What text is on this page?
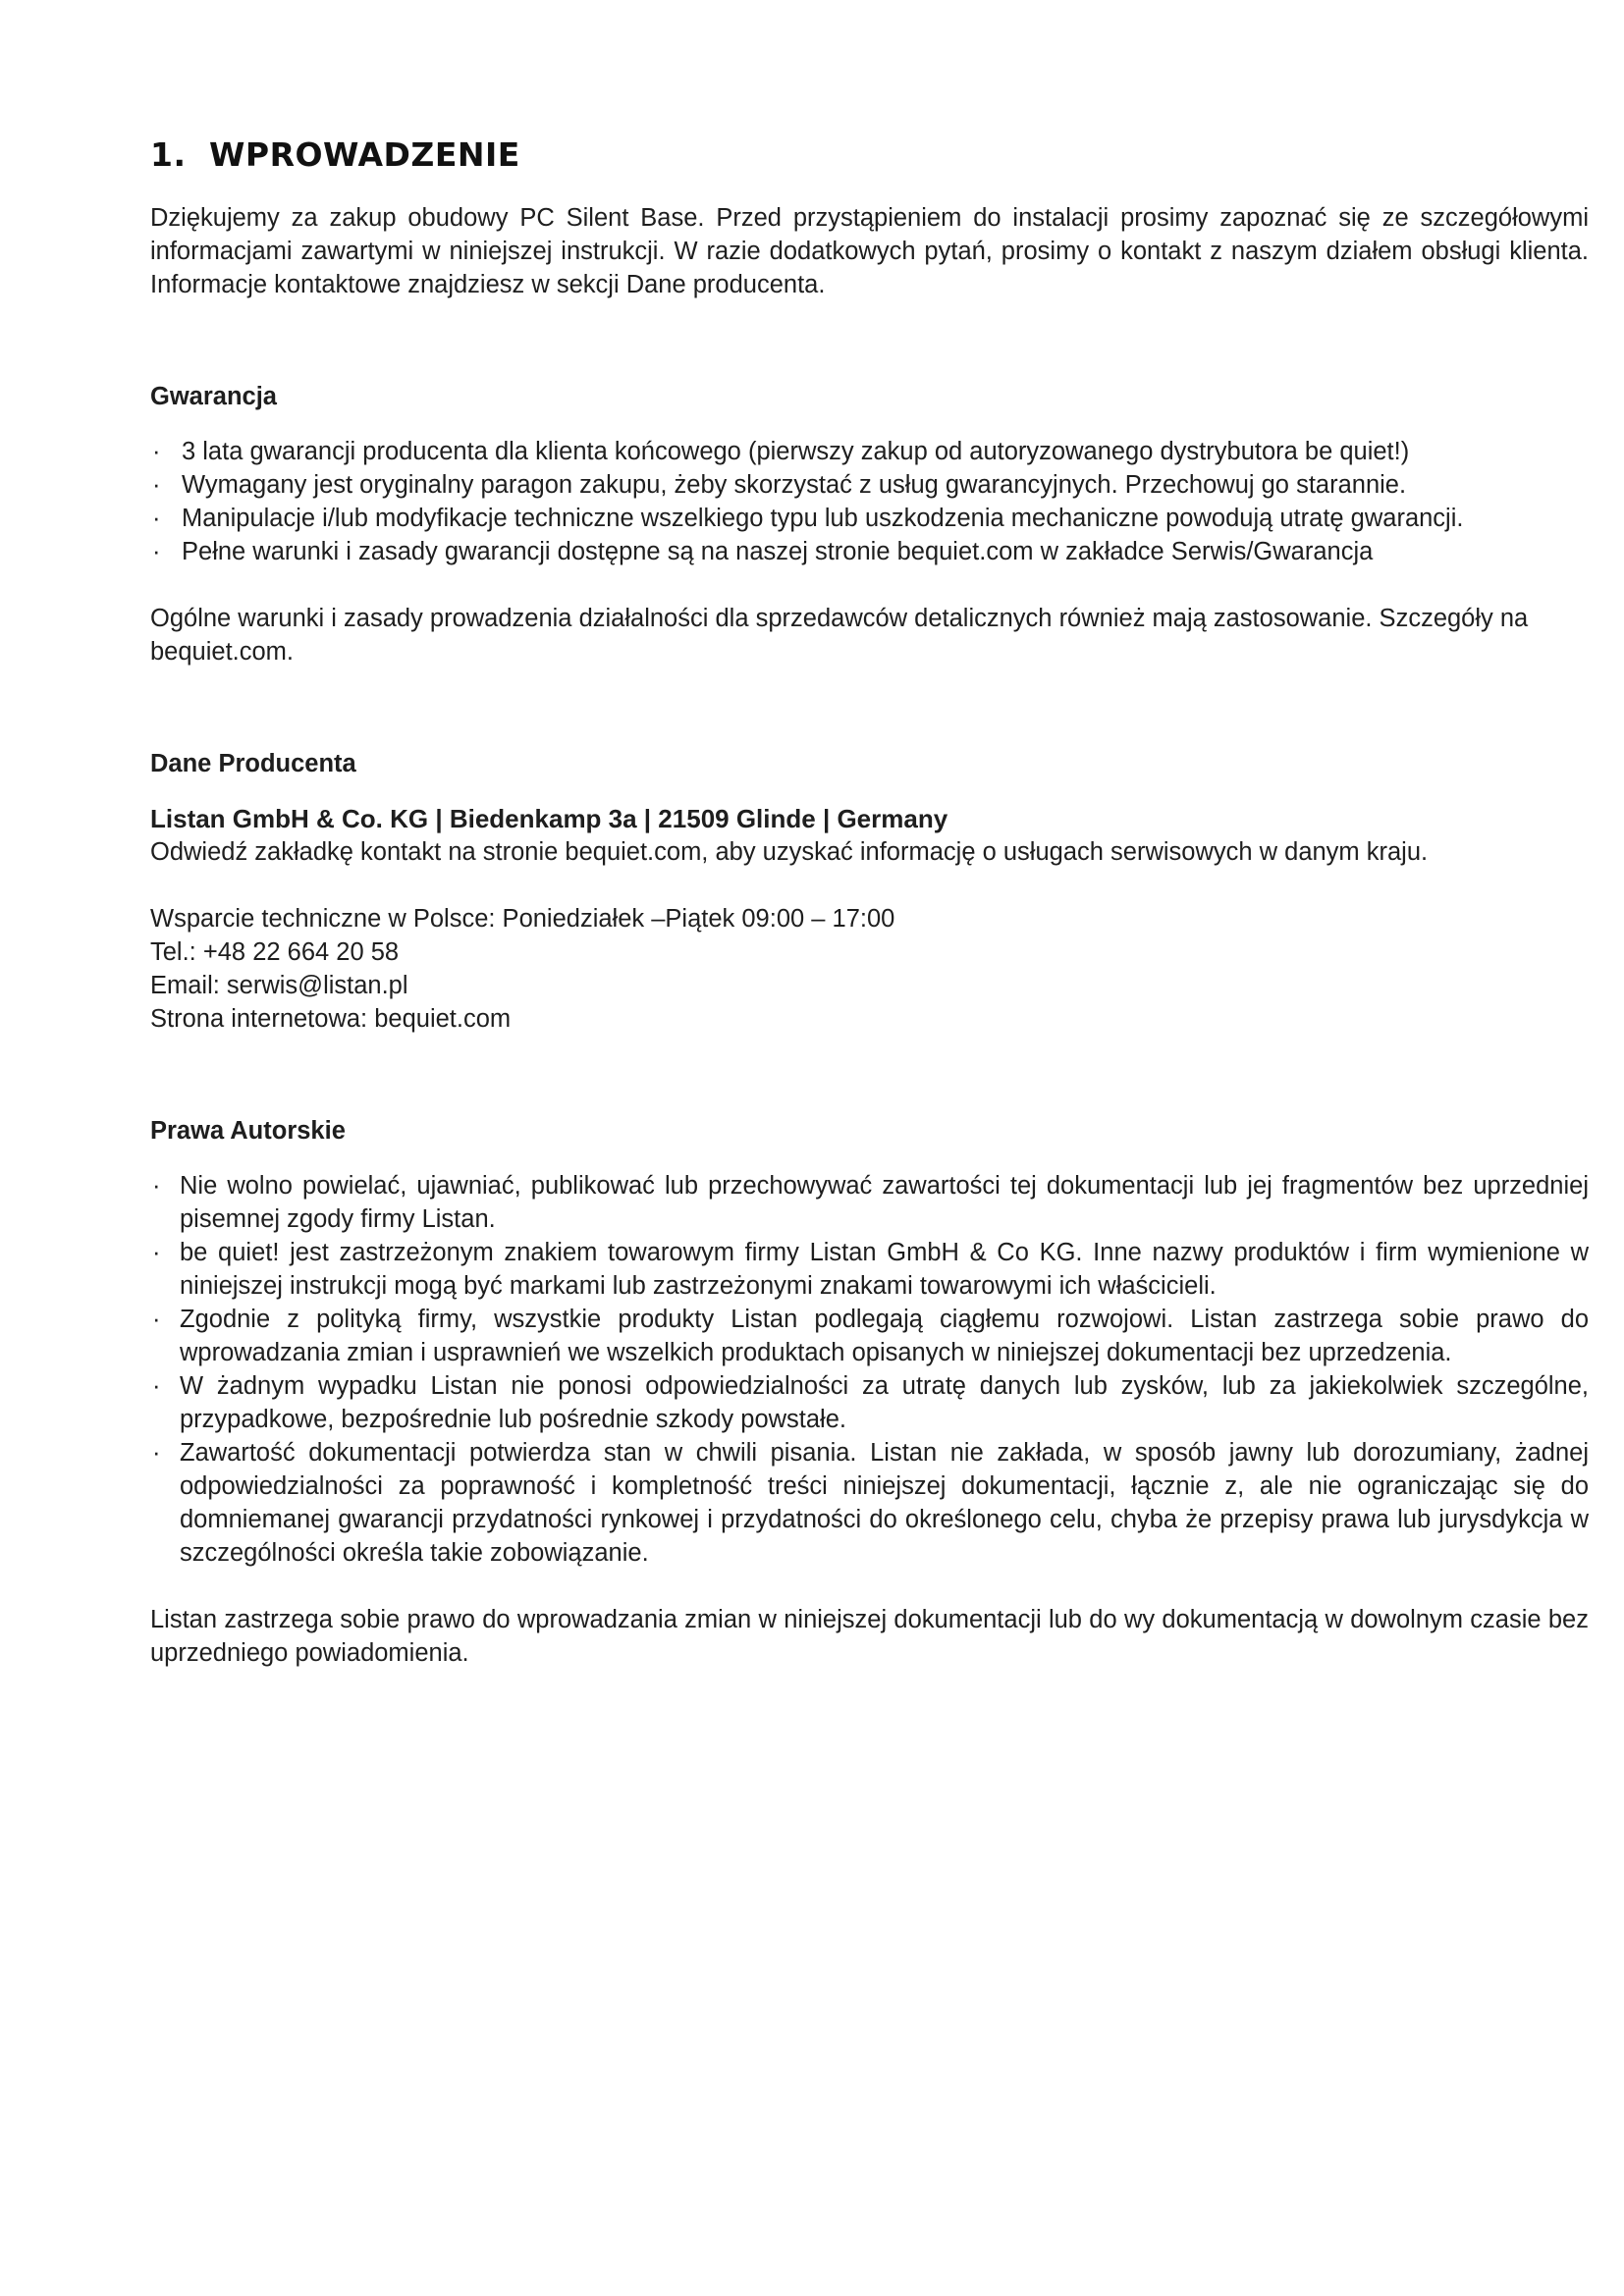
1. WPROWADZENIE

Dziękujemy za zakup obudowy PC Silent Base. Przed przystąpieniem do instalacji prosimy zapoznać się ze szczegółowymi informacjami zawartymi w niniejszej instrukcji. W razie dodatkowych pytań, prosimy o kontakt z naszym działem obsługi klienta. Informacje kontaktowe znajdziesz w sekcji Dane producenta.

Gwarancja
· 3 lata gwarancji producenta dla klienta końcowego (pierwszy zakup od autoryzowanego dystrybutora be quiet!)
· Wymagany jest oryginalny paragon zakupu, żeby skorzystać z usług gwarancyjnych. Przechowuj go starannie.
· Manipulacje i/lub modyfikacje techniczne wszelkiego typu lub uszkodzenia mechaniczne powodują utratę gwarancji.
· Pełne warunki i zasady gwarancji dostępne są na naszej stronie bequiet.com w zakładce Serwis/Gwarancja

Ogólne warunki i zasady prowadzenia działalności dla sprzedawców detalicznych również mają zastosowanie. Szczegóły na bequiet.com.

Dane Producenta

Listan GmbH & Co. KG | Biedenkamp 3a | 21509 Glinde | Germany

Odwiedź zakładkę kontakt na stronie bequiet.com, aby uzyskać informację o usługach serwisowych w danym kraju.

Wsparcie techniczne w Polsce: Poniedziałek –Piątek 09:00 – 17:00

Tel.: +48 22 664 20 58

Email: serwis@listan.pl

Strona internetowa: bequiet.com

Prawa Autorskie
· Nie wolno powielać, ujawniać, publikować lub przechowywać zawartości tej dokumentacji lub jej fragmentów bez uprzedniej pisemnej zgody firmy Listan.
· be quiet! jest zastrzeżonym znakiem towarowym firmy Listan GmbH & Co KG. Inne nazwy produktów i firm wymienione w niniejszej instrukcji mogą być markami lub zastrzeżonymi znakami towarowymi ich właścicieli.
· Zgodnie z polityką firmy, wszystkie produkty Listan podlegają ciągłemu rozwojowi. Listan zastrzega sobie prawo do wprowadzania zmian i usprawnień we wszelkich produktach opisanych w niniejszej dokumentacji bez uprzedzenia.
· W żadnym wypadku Listan nie ponosi odpowiedzialności za utratę danych lub zysków, lub za jakiekolwiek szczególne, przypadkowe, bezpośrednie lub pośrednie szkody powstałe.
· Zawartość dokumentacji potwierdza stan w chwili pisania. Listan nie zakłada, w sposób jawny lub dorozumiany, żadnej odpowiedzialności za poprawność i kompletność treści niniejszej dokumentacji, łącznie z, ale nie ograniczając się do domniemanej gwarancji przydatności rynkowej i przydatności do określonego celu, chyba że przepisy prawa lub jurysdykcja w szczególności określa takie zobowiązanie.

Listan zastrzega sobie prawo do wprowadzania zmian w niniejszej dokumentacji lub do wy dokumentacją w dowolnym czasie bez uprzedniego powiadomienia.
